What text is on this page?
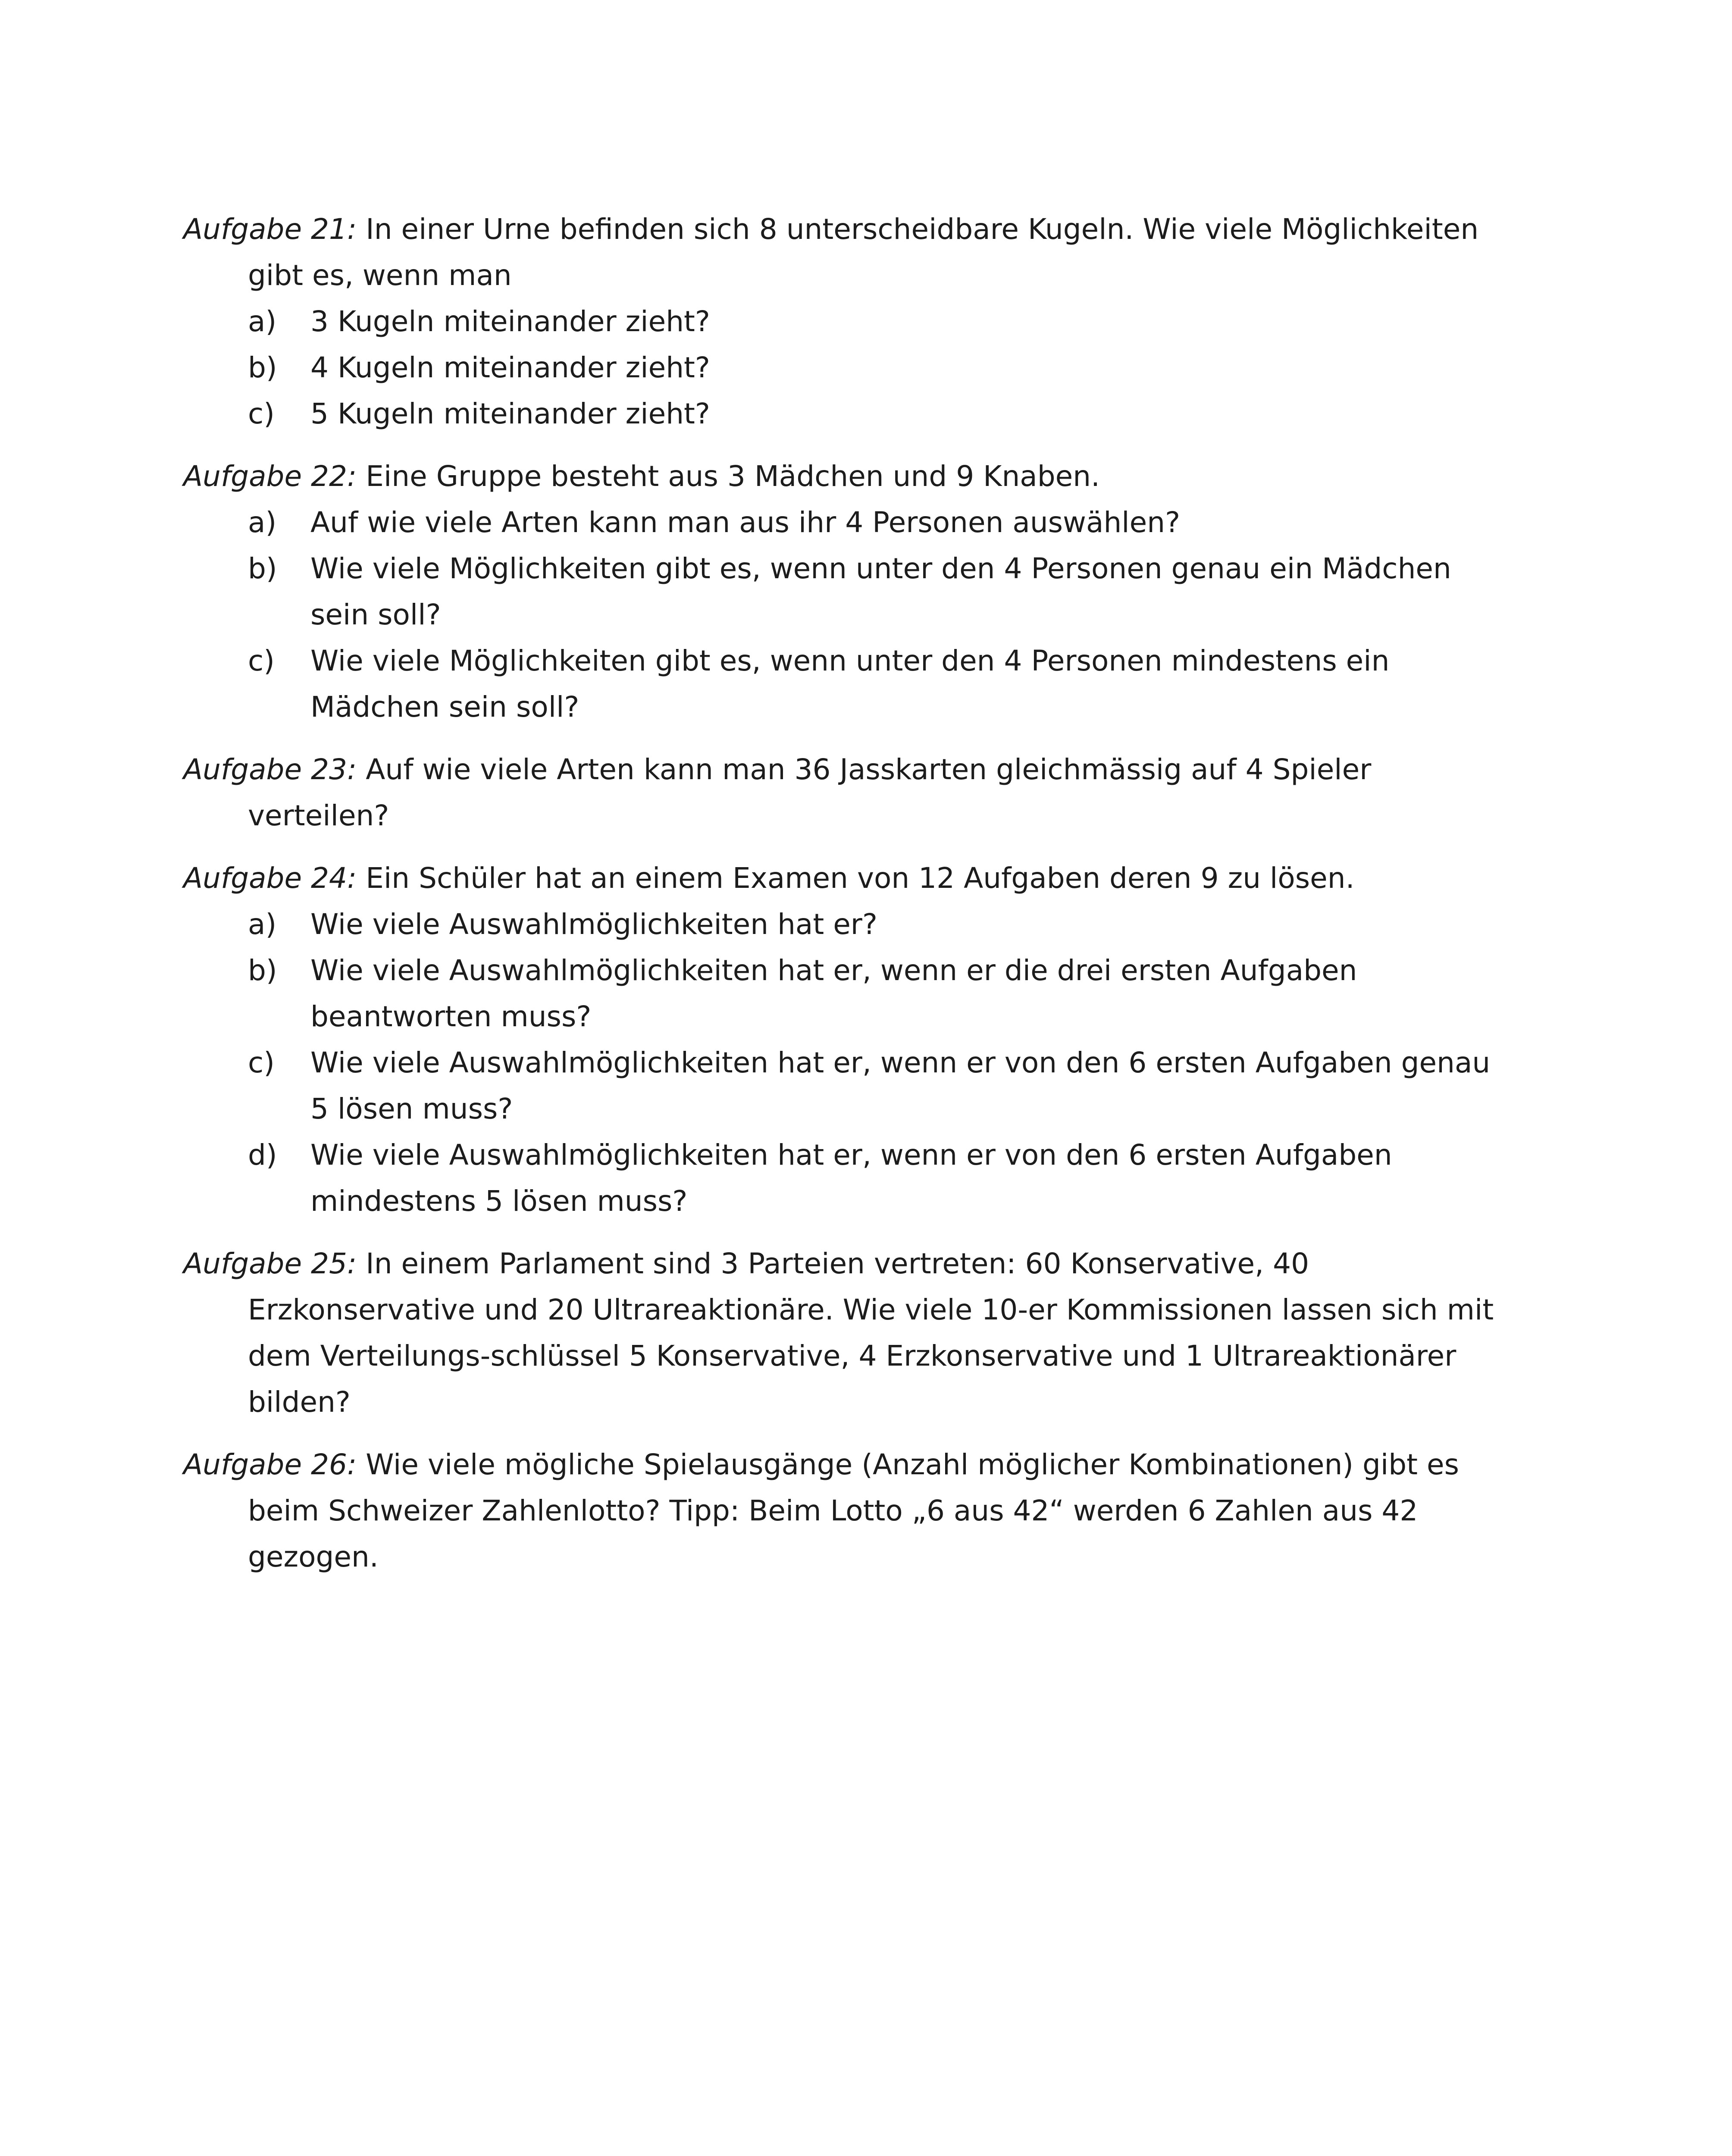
Aufgabe 21: In einer Urne befinden sich 8 unterscheidbare Kugeln. Wie viele Möglichkeiten gibt es, wenn man
a)	3 Kugeln miteinander zieht?
b)	4 Kugeln miteinander zieht?
c)	5 Kugeln miteinander zieht?
Aufgabe 22: Eine Gruppe besteht aus 3 Mädchen und 9 Knaben.
a)	Auf wie viele Arten kann man aus ihr 4 Personen auswählen?
b)	Wie viele Möglichkeiten gibt es, wenn unter den 4 Personen genau ein Mädchen sein soll?
c)	Wie viele Möglichkeiten gibt es, wenn unter den 4 Personen mindestens ein Mädchen sein soll?
Aufgabe 23: Auf wie viele Arten kann man 36 Jasskarten gleichmässig auf 4 Spieler verteilen?
Aufgabe 24: Ein Schüler hat an einem Examen von 12 Aufgaben deren 9 zu lösen.
a)	Wie viele Auswahlmöglichkeiten hat er?
b)	Wie viele Auswahlmöglichkeiten hat er, wenn er die drei ersten Aufgaben beantworten muss?
c)	Wie viele Auswahlmöglichkeiten hat er, wenn er von den 6 ersten Aufgaben genau 5 lösen muss?
d)	Wie viele Auswahlmöglichkeiten hat er, wenn er von den 6 ersten Aufgaben mindestens 5 lösen muss?
Aufgabe 25: In einem Parlament sind 3 Parteien vertreten: 60 Konservative, 40 Erzkonservative und 20 Ultrareaktionäre. Wie viele 10-er Kommissionen lassen sich mit dem Verteilungs-schlüssel 5 Konservative, 4 Erzkonservative und 1 Ultrareaktionärer bilden?
Aufgabe 26: Wie viele mögliche Spielausgänge (Anzahl möglicher Kombinationen) gibt es beim Schweizer Zahlenlotto? Tipp: Beim Lotto „6 aus 42“ werden 6 Zahlen aus 42 gezogen.
